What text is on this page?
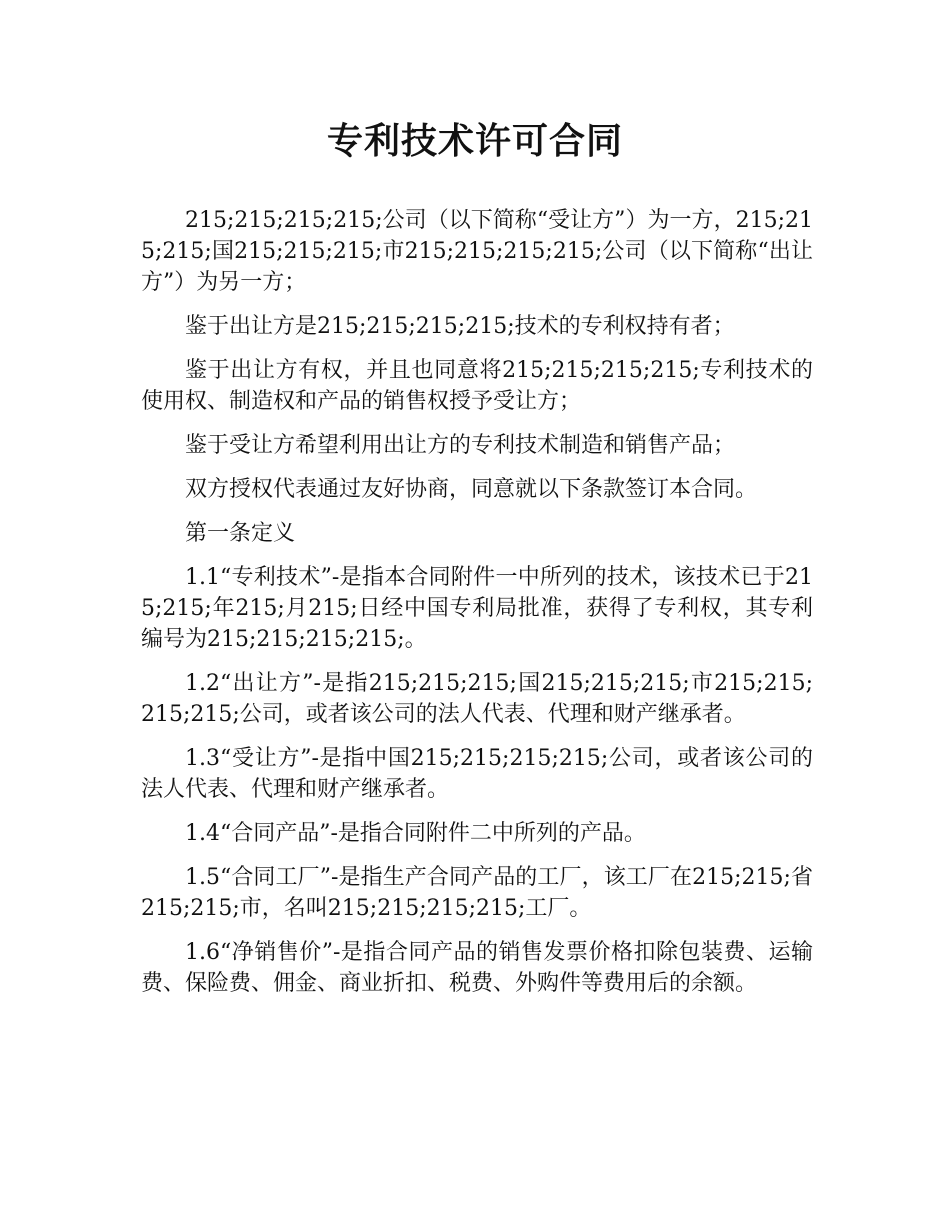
专利技术许可合同

215;215;215;215;公司（以下简称“受让方”）为一方，215;215;215;国215;215;215;市215;215;215;215;公司（以下简称“出让方”）为另一方；

鉴于出让方是215;215;215;215;技术的专利权持有者；

鉴于出让方有权，并且也同意将215;215;215;215;专利技术的使用权、制造权和产品的销售权授予受让方；

鉴于受让方希望利用出让方的专利技术制造和销售产品；

双方授权代表通过友好协商，同意就以下条款签订本合同。

第一条定义

1.1“专利技术”-是指本合同附件一中所列的技术，该技术已于215;215;年215;月215;日经中国专利局批准，获得了专利权，其专利编号为215;215;215;215;。

1.2“出让方”-是指215;215;215;国215;215;215;市215;215;215;215;公司，或者该公司的法人代表、代理和财产继承者。

1.3“受让方”-是指中国215;215;215;215;公司，或者该公司的法人代表、代理和财产继承者。

1.4“合同产品”-是指合同附件二中所列的产品。

1.5“合同工厂”-是指生产合同产品的工厂，该工厂在215;215;省215;215;市，名叫215;215;215;215;工厂。

1.6“净销售价”-是指合同产品的销售发票价格扣除包装费、运输费、保险费、佣金、商业折扣、税费、外购件等费用后的余额。
